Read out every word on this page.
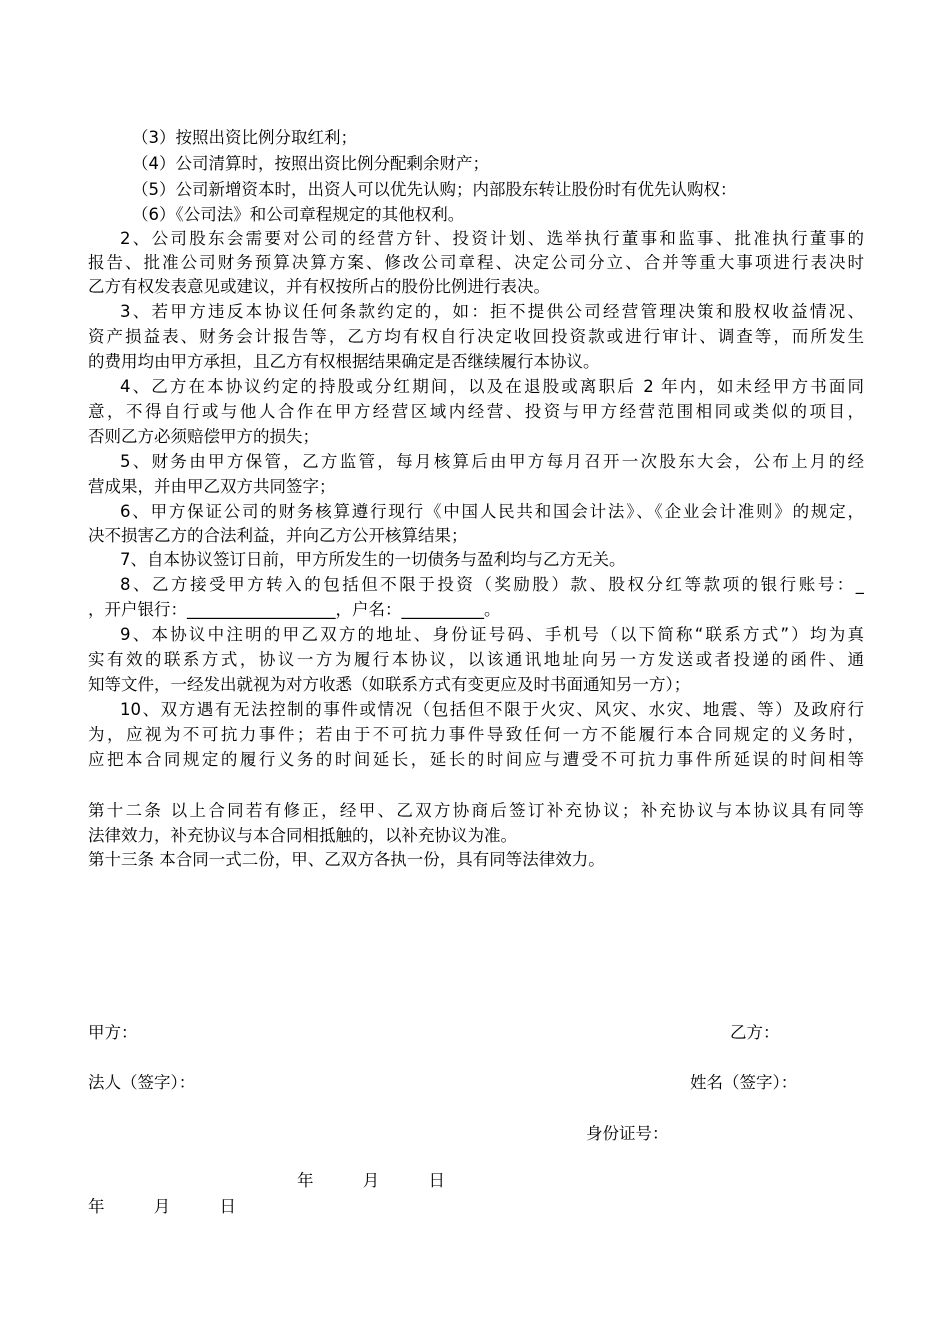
（3）按照出资比例分取红利；
（4）公司清算时，按照出资比例分配剩余财产；
（5）公司新增资本时，出资人可以优先认购；内部股东转让股份时有优先认购权：
（6）《公司法》和公司章程规定的其他权利。
2、公司股东会需要对公司的经营方针、投资计划、选举执行董事和监事、批准执行董事的
报告、批准公司财务预算决算方案、修改公司章程、决定公司分立、合并等重大事项进行表决时
乙方有权发表意见或建议，并有权按所占的股份比例进行表决。
3、若甲方违反本协议任何条款约定的，如：拒不提供公司经营管理决策和股权收益情况、
资产损益表、财务会计报告等，乙方均有权自行决定收回投资款或进行审计、调查等，而所发生
的费用均由甲方承担，且乙方有权根据结果确定是否继续履行本协议。
4、乙方在本协议约定的持股或分红期间，以及在退股或离职后 2 年内，如未经甲方书面同
意，不得自行或与他人合作在甲方经营区域内经营、投资与甲方经营范围相同或类似的项目，
否则乙方必须赔偿甲方的损失；
5、财务由甲方保管，乙方监管，每月核算后由甲方每月召开一次股东大会，公布上月的经
营成果，并由甲乙双方共同签字；
6、甲方保证公司的财务核算遵行现行《中国人民共和国会计法》、《企业会计准则》的规定，
决不损害乙方的合法利益，并向乙方公开核算结果；
7、自本协议签订日前，甲方所发生的一切债务与盈利均与乙方无关。
8、乙方接受甲方转入的包括但不限于投资（奖励股）款、股权分红等款项的银行账号：_
，开户银行：__________________，户名：__________。
9、本协议中注明的甲乙双方的地址、身份证号码、手机号（以下简称“联系方式”）均为真
实有效的联系方式，协议一方为履行本协议，以该通讯地址向另一方发送或者投递的函件、通
知等文件，一经发出就视为对方收悉（如联系方式有变更应及时书面通知另一方）；
10、双方遇有无法控制的事件或情况（包括但不限于火灾、风灾、水灾、地震、等）及政府行
为，应视为不可抗力事件；若由于不可抗力事件导致任何一方不能履行本合同规定的义务时，
应把本合同规定的履行义务的时间延长，延长的时间应与遭受不可抗力事件所延误的时间相等
第十二条 以上合同若有修正，经甲、乙双方协商后签订补充协议；补充协议与本协议具有同等
法律效力，补充协议与本合同相抵触的，以补充协议为准。
第十三条 本合同一式二份，甲、乙双方各执一份，具有同等法律效力。
甲方：	乙方：
法人（签字）：	姓名（签字）：
身份证号：
年 月 日
年 月 日
